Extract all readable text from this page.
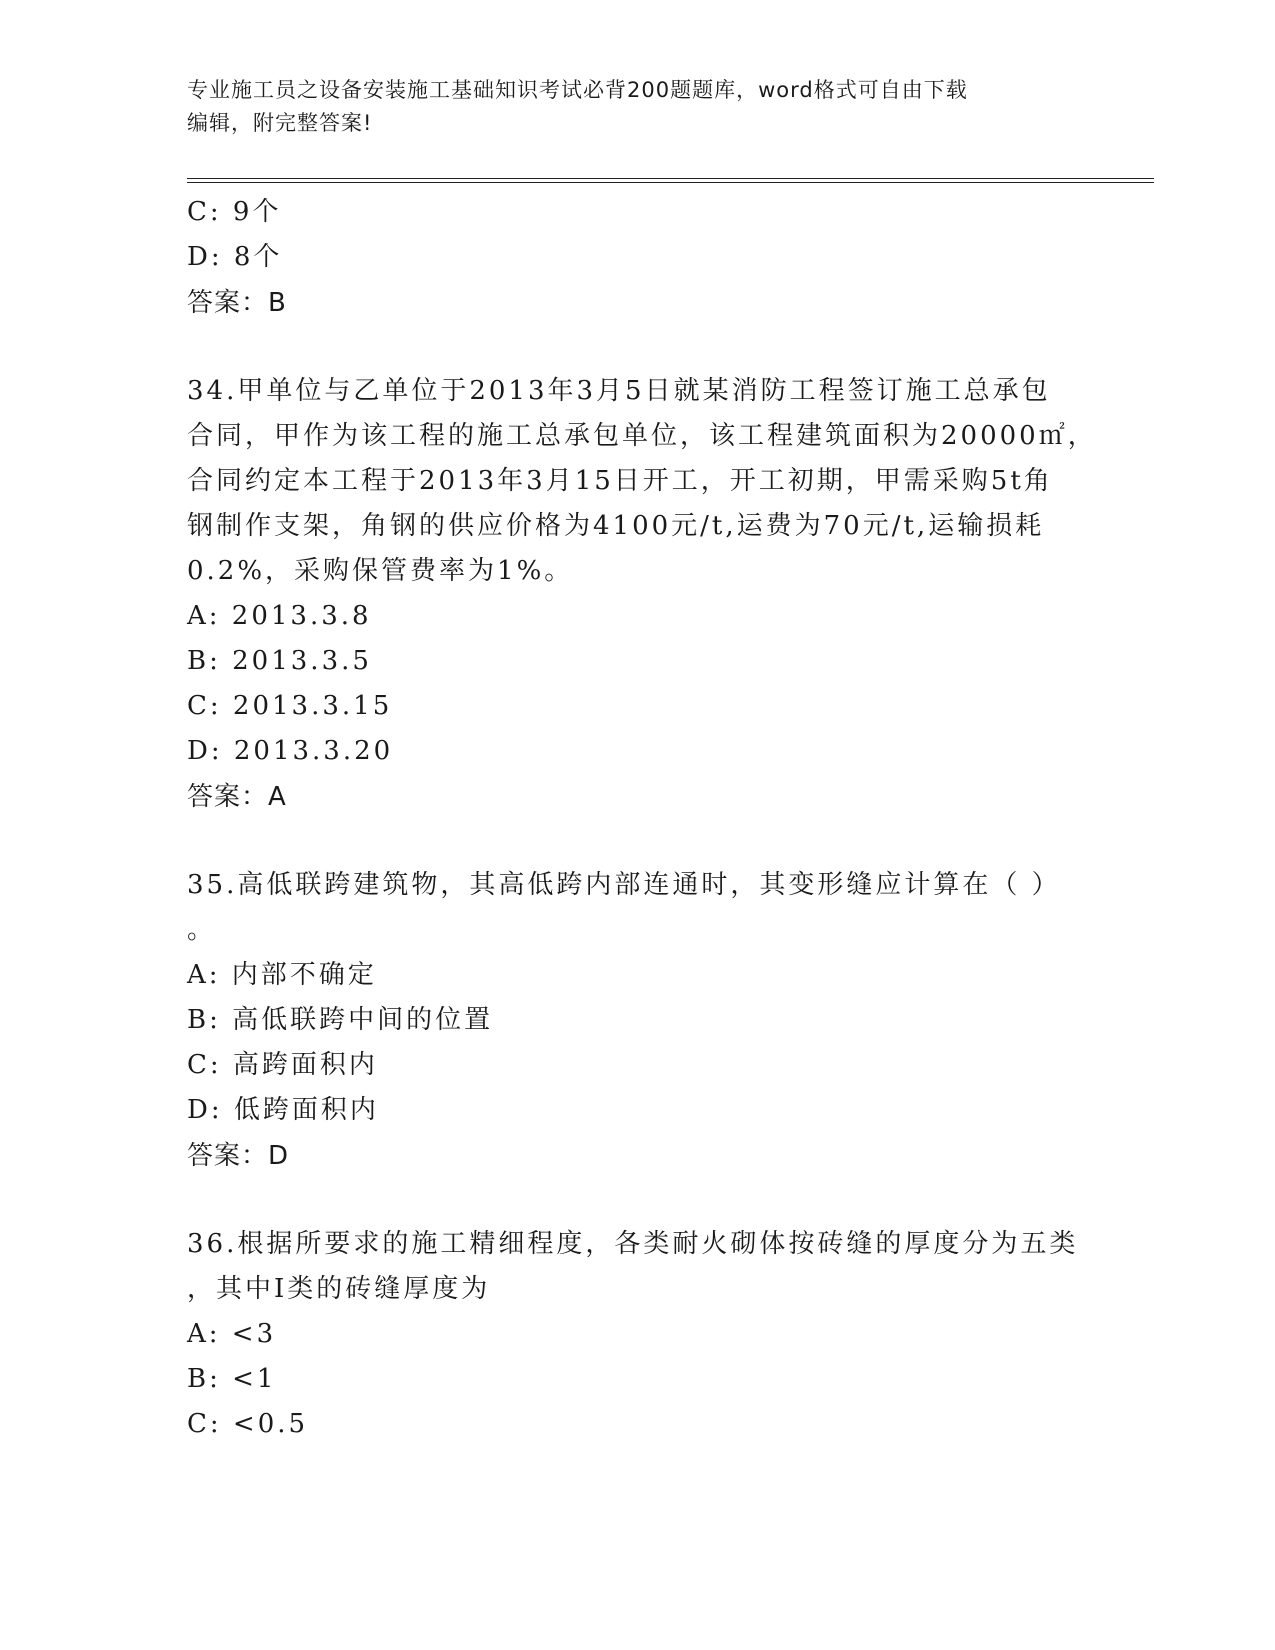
专业施工员之设备安装施工基础知识考试必背200题题库，word格式可自由下载
编辑，附完整答案!
C: 9个
D: 8个
答案：B
34.甲单位与乙单位于2013年3月5日就某消防工程签订施工总承包
合同，甲作为该工程的施工总承包单位，该工程建筑面积为20000㎡，
合同约定本工程于2013年3月15日开工，开工初期，甲需采购5t角
钢制作支架，角钢的供应价格为4100元/t,运费为70元/t,运输损耗
0.2%，采购保管费率为1%。
A: 2013.3.8
B: 2013.3.5
C: 2013.3.15
D: 2013.3.20
答案：A
35.高低联跨建筑物，其高低跨内部连通时，其变形缝应计算在（ ）
。
A: 内部不确定
B: 高低联跨中间的位置
C: 高跨面积内
D: 低跨面积内
答案：D
36.根据所要求的施工精细程度，各类耐火砌体按砖缝的厚度分为五类
，其中I类的砖缝厚度为
A: <3
B: <1
C: <0.5
